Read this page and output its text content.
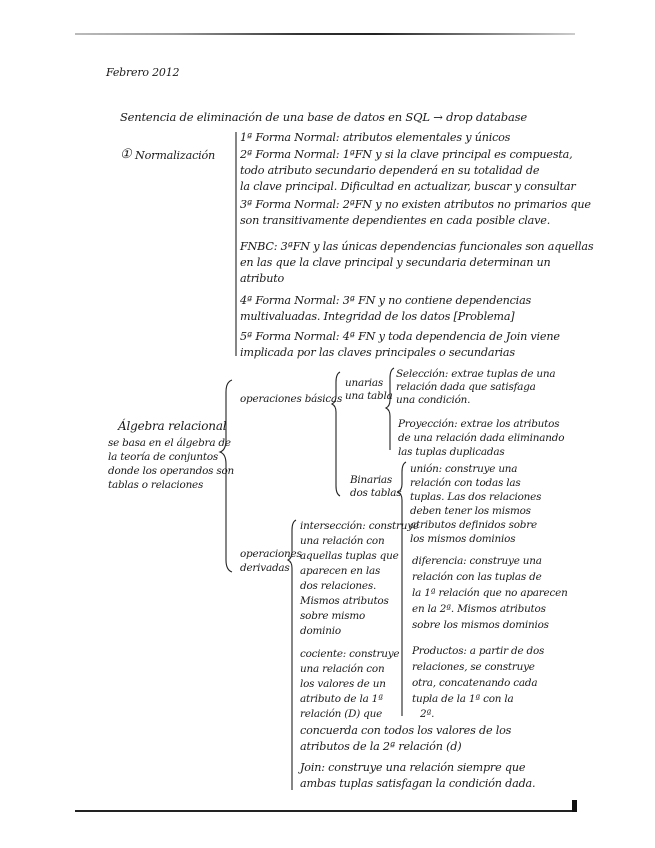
Febrero 2012
Sentencia de eliminación de una base de datos en SQL → drop database
① Normalización
1ª Forma Normal: atributos elementales y únicos
2ª Forma Normal: 1ªFN y si la clave principal es compuesta,
todo atributo secundario dependerá en su totalidad de
la clave principal. Dificultad en actualizar, buscar y consultar
3ª Forma Normal: 2ªFN y no existen atributos no primarios que
son transitivamente dependientes en cada posible clave.
FNBC: 3ªFN y las únicas dependencias funcionales son aquellas
en las que la clave principal y secundaria determinan un
atributo
4ª Forma Normal: 3ª FN y no contiene dependencias
multivaluadas. Integridad de los datos [Problema]
5ª Forma Normal: 4ª FN y toda dependencia de Join viene
implicada por las claves principales o secundarias
Álgebra relacional
se basa en el álgebra de
la teoría de conjuntos
donde los operandos son
tablas o relaciones
operaciones básicas
unarias
una tabla
Selección: extrae tuplas de una
relación dada que satisfaga
una condición.
Proyección: extrae los atributos
de una relación dada eliminando
las tuplas duplicadas
Binarias
dos tablas
unión: construye una
relación con todas las
tuplas. Las dos relaciones
deben tener los mismos
atributos definidos sobre
los mismos dominios
diferencia: construye una
relación con las tuplas de
la 1ª relación que no aparecen
en la 2ª. Mismos atributos
sobre los mismos dominios
Productos: a partir de dos
relaciones, se construye
otra, concatenando cada
tupla de la 1ª con la
2ª.
operaciones
derivadas
intersección: construye
una relación con
aquellas tuplas que
aparecen en las
dos relaciones.
Mismos atributos
sobre mismo
dominio
cociente: construye
una relación con
los valores de un
atributo de la 1ª
relación (D) que
concuerda con todos los valores de los
atributos de la 2ª relación (d)
Join: construye una relación siempre que
ambas tuplas satisfagan la condición dada.
